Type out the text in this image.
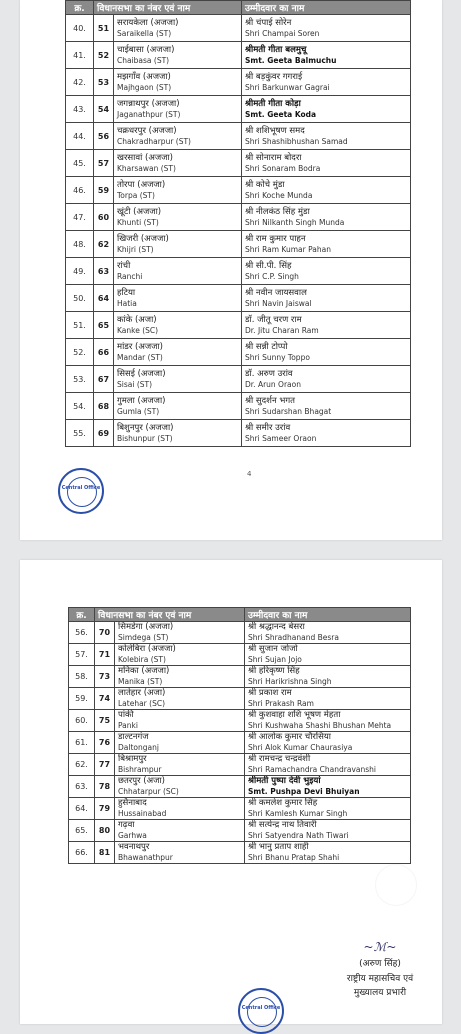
क्र.	विधानसभा का नंबर एवं नाम		उम्मीदवार का नाम
40.	51	सरायकेला (अजजा)
Saraikella (ST)	श्री चंपाई सोरेन
Shri Champai Soren

41.	52	चाईबासा (अजजा)
Chaibasa (ST)	श्रीमती गीता बलमुचू
Smt. Geeta Balmuchu

42.	53	मझगाँव (अजजा)
Majhgaon (ST)	श्री बड़कुंवर गगराई
Shri Barkunwar Gagrai

43.	54	जगन्नाथपुर (अजजा)
Jaganathpur (ST)	श्रीमती गीता कोड़ा
Smt. Geeta Koda

44.	56	चक्रधरपुर (अजजा)
Chakradharpur (ST)	श्री शशिभूषण समद
Shri Shashibhushan Samad

45.	57	खरसावां (अजजा)
Kharsawan (ST)	श्री सोनाराम बोदरा
Shri Sonaram Bodra

46.	59	तोरपा (अजजा)
Torpa (ST)	श्री कोचे मुंडा
Shri Koche Munda

47.	60	खूंटी (अजजा)
Khunti (ST)	श्री नीलकंठ सिंह मुंडा
Shri Nilkanth Singh Munda

48.	62	खिजरी (अजजा)
Khijri (ST)	श्री राम कुमार पाहन
Shri Ram Kumar Pahan

49.	63	रांची
Ranchi	श्री सी.पी. सिंह
Shri C.P. Singh

50.	64	हटिया
Hatia	श्री नवीन जायसवाल
Shri Navin Jaiswal

51.	65	कांके (अजा)
Kanke (SC)	डॉ. जीतू चरण राम
Dr. Jitu Charan Ram

52.	66	मांडर (अजजा)
Mandar (ST)	श्री सन्नी टोप्पो
Shri Sunny Toppo

53.	67	सिसई (अजजा)
Sisai (ST)	डॉ. अरुण उरांव
Dr. Arun Oraon

54.	68	गुमला (अजजा)
Gumla (ST)	श्री सुदर्शन भगत
Shri Sudarshan Bhagat

55.	69	बिशुनपुर (अजजा)
Bishunpur (ST)	श्री समीर उरांव
Shri Sameer Oraon
Central Office
4
क्र.	विधानसभा का नंबर एवं नाम		उम्मीदवार का नाम
56.	70	सिमडेगा (अजजा)
Simdega (ST)	श्री श्रद्धानन्द बेसरा
Shri Shradhanand Besra

57.	71	कोलेबिरा (अजजा)
Kolebira (ST)	श्री सुजान जोजो
Shri Sujan Jojo

58.	73	मनिका (अजजा)
Manika (ST)	श्री हरिकृष्ण सिंह
Shri Harikrishna Singh

59.	74	लातेहार (अजा)
Latehar (SC)	श्री प्रकाश राम
Shri Prakash Ram

60.	75	पांकी
Panki	श्री कुशवाहा शशि भूषण मेहता
Shri Kushwaha Shashi Bhushan Mehta

61.	76	डाल्टनगंज
Daltonganj	श्री आलोक कुमार चौरसिया
Shri Alok Kumar Chaurasiya

62.	77	बिश्रामपुर
Bishrampur	श्री रामचन्द्र चन्द्रवंशी
Shri Ramachandra Chandravanshi

63.	78	छतरपुर (अजा)
Chhatarpur (SC)	श्रीमती पुष्पा देवी भुइयां
Smt. Pushpa Devi Bhuiyan

64.	79	हुसैनाबाद
Hussainabad	श्री कमलेश कुमार सिंह
Shri Kamlesh Kumar Singh

65.	80	गढ़वा
Garhwa	श्री सत्येन्द्र नाथ तिवारी
Shri Satyendra Nath Tiwari

66.	81	भवनाथपुर
Bhawanathpur	श्री भानु प्रताप शाही
Shri Bhanu Pratap Shahi
~ℳ~
(अरुण सिंह)
राष्ट्रीय महासचिव एवं
मुख्यालय प्रभारी
Central Office
